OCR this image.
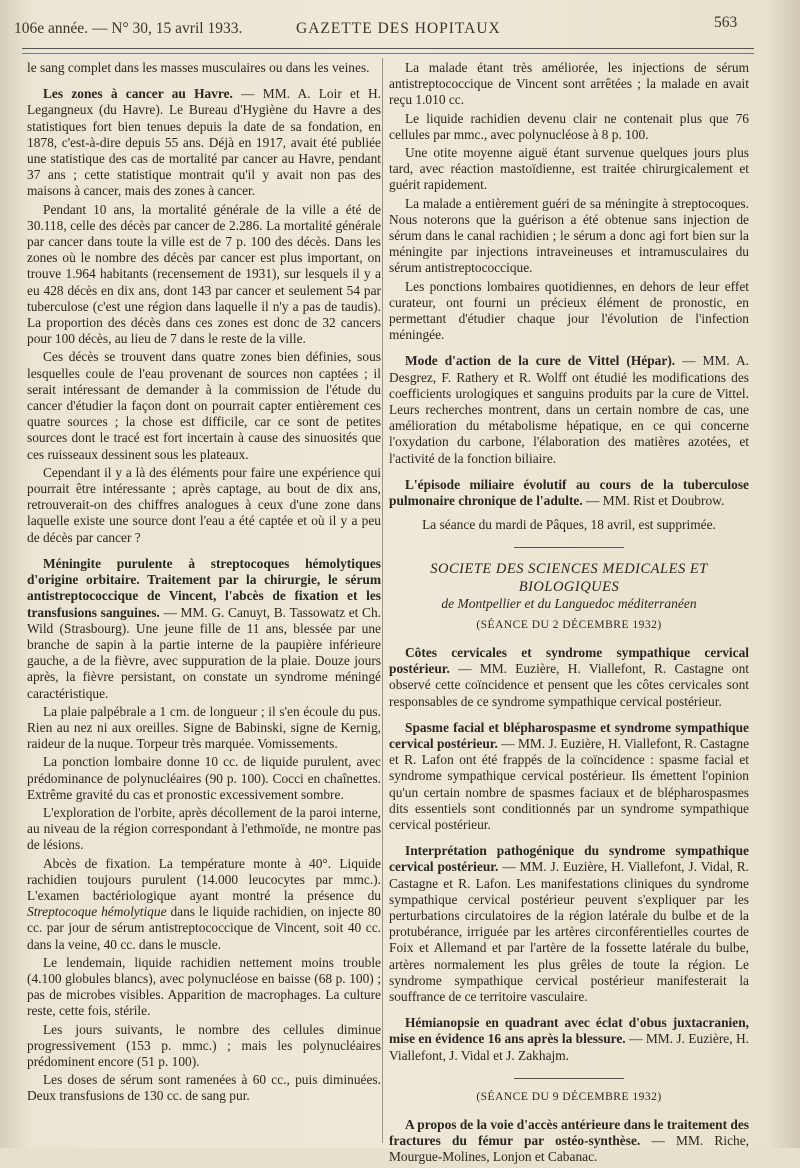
106e année. — N° 30, 15 avril 1933.	GAZETTE DES HOPITAUX	563

le sang complet dans les masses musculaires ou dans les veines.

Les zones à cancer au Havre. — MM. A. Loir et H. Legangneux (du Havre). Le Bureau d'Hygiène du Havre a des statistiques fort bien tenues depuis la date de sa fondation, en 1878, c'est-à-dire depuis 55 ans. Déjà en 1917, avait été publiée une statistique des cas de mortalité par cancer au Havre, pendant 37 ans ; cette statistique montrait qu'il y avait non pas des maisons à cancer, mais des zones à cancer.

Pendant 10 ans, la mortalité générale de la ville a été de 30.118, celle des décès par cancer de 2.286. La mortalité générale par cancer dans toute la ville est de 7 p. 100 des décès. Dans les zones où le nombre des décès par cancer est plus important, on trouve 1.964 habitants (recensement de 1931), sur lesquels il y a eu 428 décès en dix ans, dont 143 par cancer et seulement 54 par tuberculose (c'est une région dans laquelle il n'y a pas de taudis). La proportion des décès dans ces zones est donc de 32 cancers pour 100 décès, au lieu de 7 dans le reste de la ville.

Ces décès se trouvent dans quatre zones bien définies, sous lesquelles coule de l'eau provenant de sources non captées ; il serait intéressant de demander à la commission de l'étude du cancer d'étudier la façon dont on pourrait capter entièrement ces quatre sources ; la chose est difficile, car ce sont de petites sources dont le tracé est fort incertain à cause des sinuosités que ces ruisseaux dessinent sous les plateaux.

Cependant il y a là des éléments pour faire une expérience qui pourrait être intéressante ; après captage, au bout de dix ans, retrouverait-on des chiffres analogues à ceux d'une zone dans laquelle existe une source dont l'eau a été captée et où il y a peu de décès par cancer ?

Méningite purulente à streptocoques hémolytiques d'origine orbitaire. Traitement par la chirurgie, le sérum antistreptococcique de Vincent, l'abcès de fixation et les transfusions sanguines. — MM. G. Canuyt, B. Tassowatz et Ch. Wild (Strasbourg). Une jeune fille de 11 ans, blessée par une branche de sapin à la partie interne de la paupière inférieure gauche, a de la fièvre, avec suppuration de la plaie. Douze jours après, la fièvre persistant, on constate un syndrome méningé caractéristique.

La plaie palpébrale a 1 cm. de longueur ; il s'en écoule du pus. Rien au nez ni aux oreilles. Signe de Babinski, signe de Kernig, raideur de la nuque. Torpeur très marquée. Vomissements.

La ponction lombaire donne 10 cc. de liquide purulent, avec prédominance de polynucléaires (90 p. 100). Cocci en chaînettes. Extrême gravité du cas et pronostic excessivement sombre.

L'exploration de l'orbite, après décollement de la paroi interne, au niveau de la région correspondant à l'ethmoïde, ne montre pas de lésions.

Abcès de fixation. La température monte à 40°. Liquide rachidien toujours purulent (14.000 leucocytes par mmc.). L'examen bactériologique ayant montré la présence du Streptocoque hémolytique dans le liquide rachidien, on injecte 80 cc. par jour de sérum antistreptococcique de Vincent, soit 40 cc. dans la veine, 40 cc. dans le muscle.

Le lendemain, liquide rachidien nettement moins trouble (4.100 globules blancs), avec polynucléose en baisse (68 p. 100) ; pas de microbes visibles. Apparition de macrophages. La culture reste, cette fois, stérile.

Les jours suivants, le nombre des cellules diminue progressivement (153 p. mmc.) ; mais les polynucléaires prédominent encore (51 p. 100).

Les doses de sérum sont ramenées à 60 cc., puis diminuées. Deux transfusions de 130 cc. de sang pur.

La malade étant très améliorée, les injections de sérum antistreptococcique de Vincent sont arrêtées ; la malade en avait reçu 1.010 cc.

Le liquide rachidien devenu clair ne contenait plus que 76 cellules par mmc., avec polynucléose à 8 p. 100.

Une otite moyenne aiguë étant survenue quelques jours plus tard, avec réaction mastoïdienne, est traitée chirurgicalement et guérit rapidement.

La malade a entièrement guéri de sa méningite à streptocoques. Nous noterons que la guérison a été obtenue sans injection de sérum dans le canal rachidien ; le sérum a donc agi fort bien sur la méningite par injections intraveineuses et intramusculaires du sérum antistreptococcique.

Les ponctions lombaires quotidiennes, en dehors de leur effet curateur, ont fourni un précieux élément de pronostic, en permettant d'étudier chaque jour l'évolution de l'infection méningée.

Mode d'action de la cure de Vittel (Hépar). — MM. A. Desgrez, F. Rathery et R. Wolff ont étudié les modifications des coefficients urologiques et sanguins produits par la cure de Vittel. Leurs recherches montrent, dans un certain nombre de cas, une amélioration du métabolisme hépatique, en ce qui concerne l'oxydation du carbone, l'élaboration des matières azotées, et l'activité de la fonction biliaire.

L'épisode miliaire évolutif au cours de la tuberculose pulmonaire chronique de l'adulte. — MM. Rist et Doubrow.

La séance du mardi de Pâques, 18 avril, est supprimée.

SOCIETE DES SCIENCES MEDICALES ET BIOLOGIQUES

de Montpellier et du Languedoc méditerranéen

(SÉANCE DU 2 DÉCEMBRE 1932)

Côtes cervicales et syndrome sympathique cervical postérieur. — MM. Euzière, H. Viallefont, R. Castagne ont observé cette coïncidence et pensent que les côtes cervicales sont responsables de ce syndrome sympathique cervical postérieur.

Spasme facial et blépharospasme et syndrome sympathique cervical postérieur. — MM. J. Euzière, H. Viallefont, R. Castagne et R. Lafon ont été frappés de la coïncidence : spasme facial et syndrome sympathique cervical postérieur. Ils émettent l'opinion qu'un certain nombre de spasmes faciaux et de blépharospasmes dits essentiels sont conditionnés par un syndrome sympathique cervical postérieur.

Interprétation pathogénique du syndrome sympathique cervical postérieur. — MM. J. Euzière, H. Viallefont, J. Vidal, R. Castagne et R. Lafon. Les manifestations cliniques du syndrome sympathique cervical postérieur peuvent s'expliquer par les perturbations circulatoires de la région latérale du bulbe et de la protubérance, irriguée par les artères circonférentielles courtes de Foix et Allemand et par l'artère de la fossette latérale du bulbe, artères normalement les plus grêles de toute la région. Le syndrome sympathique cervical postérieur manifesterait la souffrance de ce territoire vasculaire.

Hémianopsie en quadrant avec éclat d'obus juxtacranien, mise en évidence 16 ans après la blessure. — MM. J. Euzière, H. Viallefont, J. Vidal et J. Zakhajm.

(SÉANCE DU 9 DÉCEMBRE 1932)

A propos de la voie d'accès antérieure dans le traitement des fractures du fémur par ostéo-synthèse. — MM. Riche, Mourgue-Molines, Lonjon et Cabanac.
